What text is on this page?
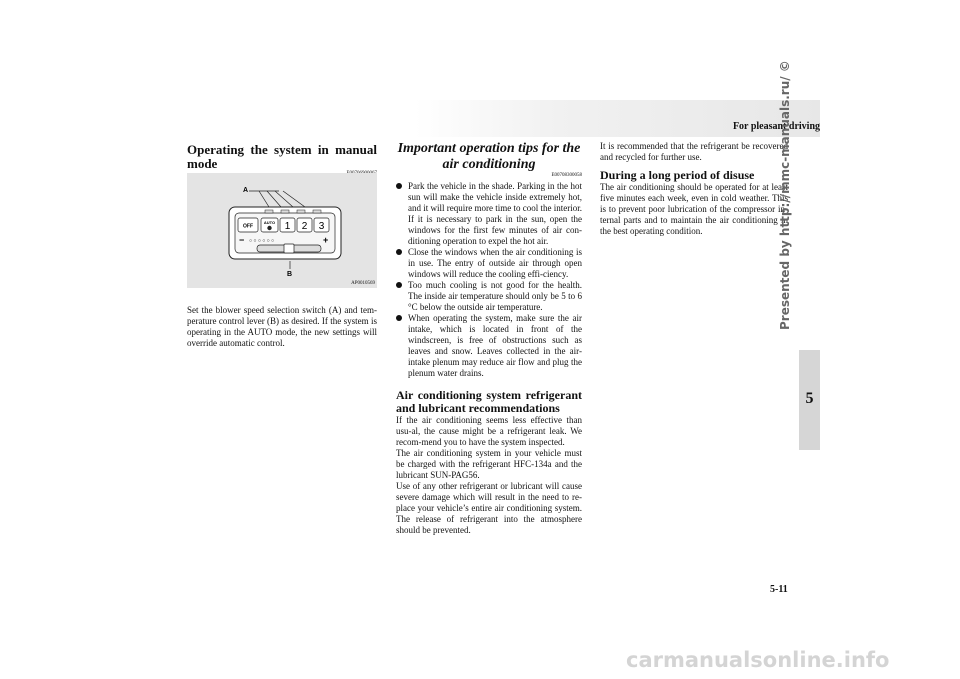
For pleasant driving
Operating the system in manual mode
OFF
AUTO 1 2 3
− ○ ○ ○ ○ ○ ○	+
A
B
AP0010569

Set the blower speed selection switch (A) and tem-perature control lever (B) as desired. If the system is operating in the AUTO mode, the new settings will override automatic control.

Important operation tips for the air conditioning
E00708300058
Park the vehicle in the shade. Parking in the hot sun will make the vehicle inside extremely hot, and it will require more time to cool the interior. If it is necessary to park in the sun, open the windows for the first few minutes of air con-ditioning operation to expel the hot air.
Close the windows when the air conditioning is in use. The entry of outside air through open windows will reduce the cooling effi-ciency.
Too much cooling is not good for the health. The inside air temperature should only be 5 to 6 °C below the outside air temperature.
When operating the system, make sure the air intake, which is located in front of the windscreen, is free of obstructions such as leaves and snow. Leaves collected in the air-intake plenum may reduce air flow and plug the plenum water drains.
Air conditioning system refrigerant and lubricant recommendations

If the air conditioning seems less effective than usu-al, the cause might be a refrigerant leak. We recom-mend you to have the system inspected.

The air conditioning system in your vehicle must be charged with the refrigerant HFC-134a and the lubricant SUN-PAG56.

Use of any other refrigerant or lubricant will cause severe damage which will result in the need to re-place your vehicle’s entire air conditioning system. The release of refrigerant into the atmosphere should be prevented.

It is recommended that the refrigerant be recovered and recycled for further use.

During a long period of disuse

The air conditioning should be operated for at least five minutes each week, even in cold weather. This is to prevent poor lubrication of the compressor in-ternal parts and to maintain the air conditioning in the best operating condition.	Presented by http://mmc-manuals.ru/ ©
5
5-11
carmanualsonline.info
